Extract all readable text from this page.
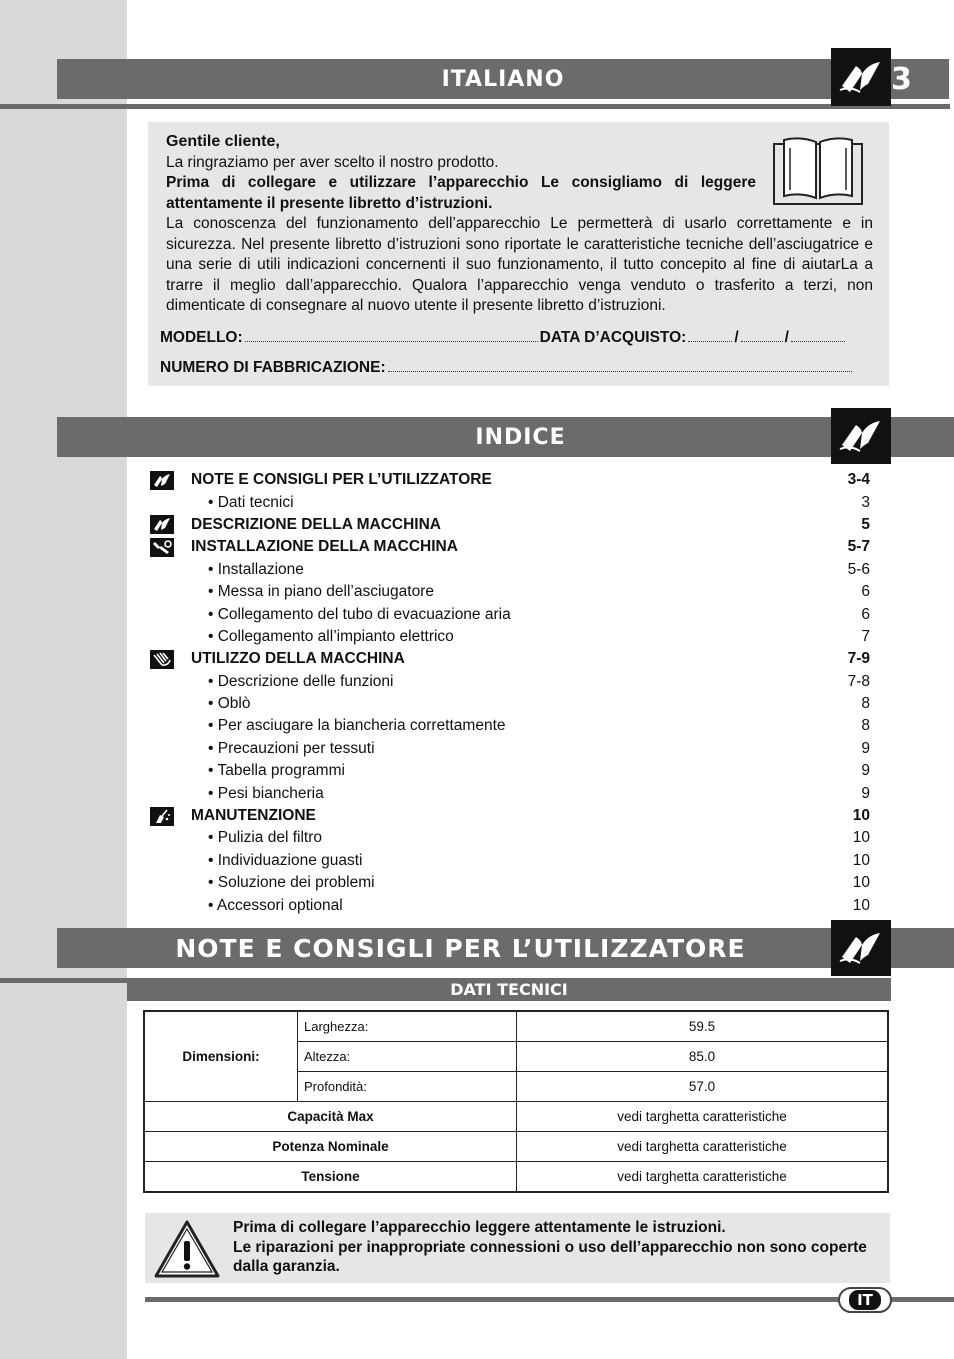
ITALIANO	3

Gentile cliente,

La ringraziamo per aver scelto il nostro prodotto.

Prima di collegare e utilizzare l’apparecchio Le consigliamo di leggere attentamente il presente libretto d’istruzioni.

La conoscenza del funzionamento dell’apparecchio Le permetterà di usarlo correttamente e in sicurezza. Nel presente libretto d’istruzioni sono riportate le caratteristiche tecniche dell’asciugatrice e una serie di utili indicazioni concernenti il suo funzionamento, il tutto concepito al fine di aiutarLa a trarre il meglio dall’apparecchio. Qualora l’apparecchio venga venduto o trasferito a terzi, non dimenticate di consegnare al nuovo utente il presente libretto d’istruzioni.

MODELLO:	DATA D’ACQUISTO:	/	/
NUMERO DI FABBRICAZIONE:
INDICE
NOTE E CONSIGLI PER L’UTILIZZATORE	3-4
• Dati tecnici	3
DESCRIZIONE DELLA MACCHINA	5
INSTALLAZIONE DELLA MACCHINA	5-7
• Installazione	5-6
• Messa in piano dell’asciugatore	6
• Collegamento del tubo di evacuazione aria	6
• Collegamento all’impianto elettrico	7
UTILIZZO DELLA MACCHINA	7-9
• Descrizione delle funzioni	7-8
• Oblò	8
• Per asciugare la biancheria correttamente	8
• Precauzioni per tessuti	9
• Tabella programmi	9
• Pesi biancheria	9
MANUTENZIONE	10
• Pulizia del filtro	10
• Individuazione guasti	10
• Soluzione dei problemi	10
• Accessori optional	10
NOTE E CONSIGLI PER L’UTILIZZATORE
DATI TECNICI
Dimensioni:	Larghezza:	59.5
	Altezza:	85.0
	Profondità:	57.0
Capacità Max		vedi targhetta caratteristiche
Potenza Nominale		vedi targhetta caratteristiche
Tensione		vedi targhetta caratteristiche

Prima di collegare l’apparecchio leggere attentamente le istruzioni.

Le riparazioni per inappropriate connessioni o uso dell’apparecchio non sono coperte dalla garanzia.

IT
